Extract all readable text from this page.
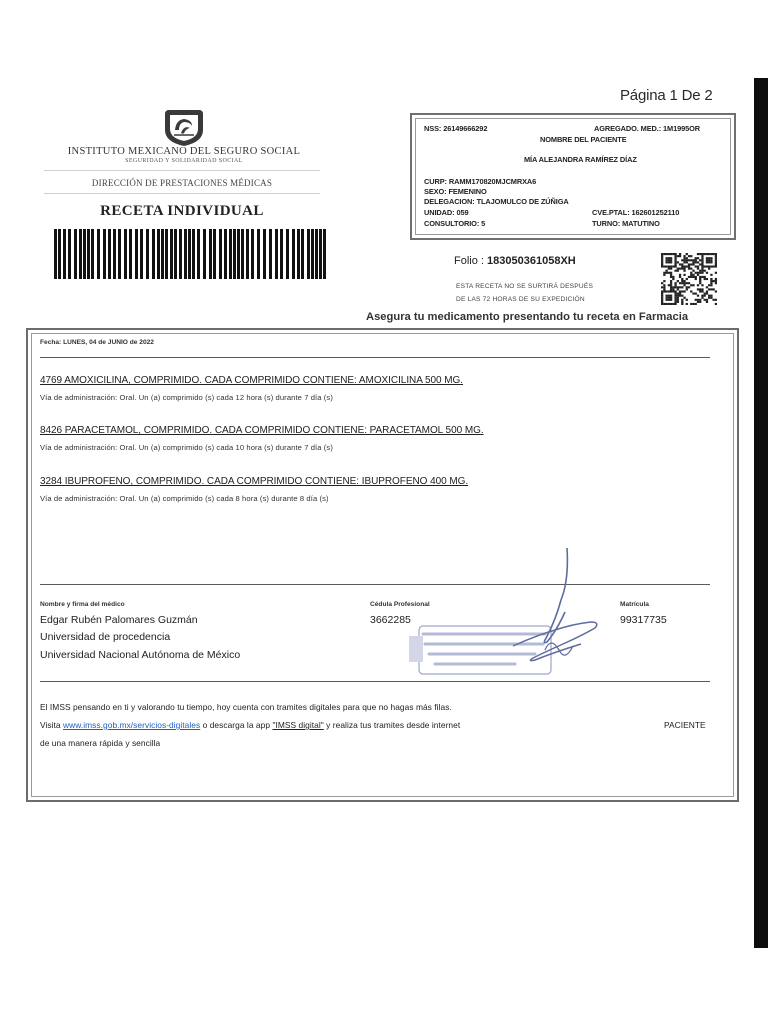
Página 1 De 2
INSTITUTO MEXICANO DEL SEGURO SOCIAL
SEGURIDAD Y SOLIDARIDAD SOCIAL
DIRECCIÓN DE PRESTACIONES MÉDICAS
RECETA INDIVIDUAL
NSS: 26149666292	AGREGADO. MED.: 1M1995OR
NOMBRE DEL PACIENTE
MÍA ALEJANDRA RAMÍREZ DÍAZ
CURP: RAMM170820MJCMRXA6
SEXO: FEMENINO
DELEGACION: TLAJOMULCO DE ZÚÑIGA
UNIDAD: 059	CVE.PTAL: 162601252110
CONSULTORIO: 5	TURNO: MATUTINO
Folio : 183050361058XH
ESTA RECETA NO SE SURTIRÁ DESPUÉS
DE LAS 72 HORAS DE SU EXPEDICIÓN
Asegura tu medicamento presentando tu receta en Farmacia
Fecha: LUNES, 04 de JUNIO de 2022
4769 AMOXICILINA, COMPRIMIDO. CADA COMPRIMIDO CONTIENE: AMOXICILINA 500 MG.
Vía de administración: Oral. Un (a) comprimido (s) cada 12 hora (s) durante 7 día (s)
8426 PARACETAMOL, COMPRIMIDO. CADA COMPRIMIDO CONTIENE: PARACETAMOL 500 MG.
Vía de administración: Oral. Un (a) comprimido (s) cada 10 hora (s) durante 7 día (s)
3284 IBUPROFENO, COMPRIMIDO. CADA COMPRIMIDO CONTIENE: IBUPROFENO 400 MG.
Vía de administración: Oral. Un (a) comprimido (s) cada 8 hora (s) durante 8 día (s)
Nombre y firma del médico
Edgar Rubén Palomares Guzmán
Universidad de procedencia
Universidad Nacional Autónoma de México
Cédula Profesional
3662285
Matrícula
99317735
El IMSS pensando en ti y valorando tu tiempo, hoy cuenta con tramites digitales para que no hagas más filas.
Visita www.imss.gob.mx/servicios-digitales o descarga la app "IMSS digital" y realiza tus tramites desde internet	PACIENTE
de una manera rápida y sencilla
